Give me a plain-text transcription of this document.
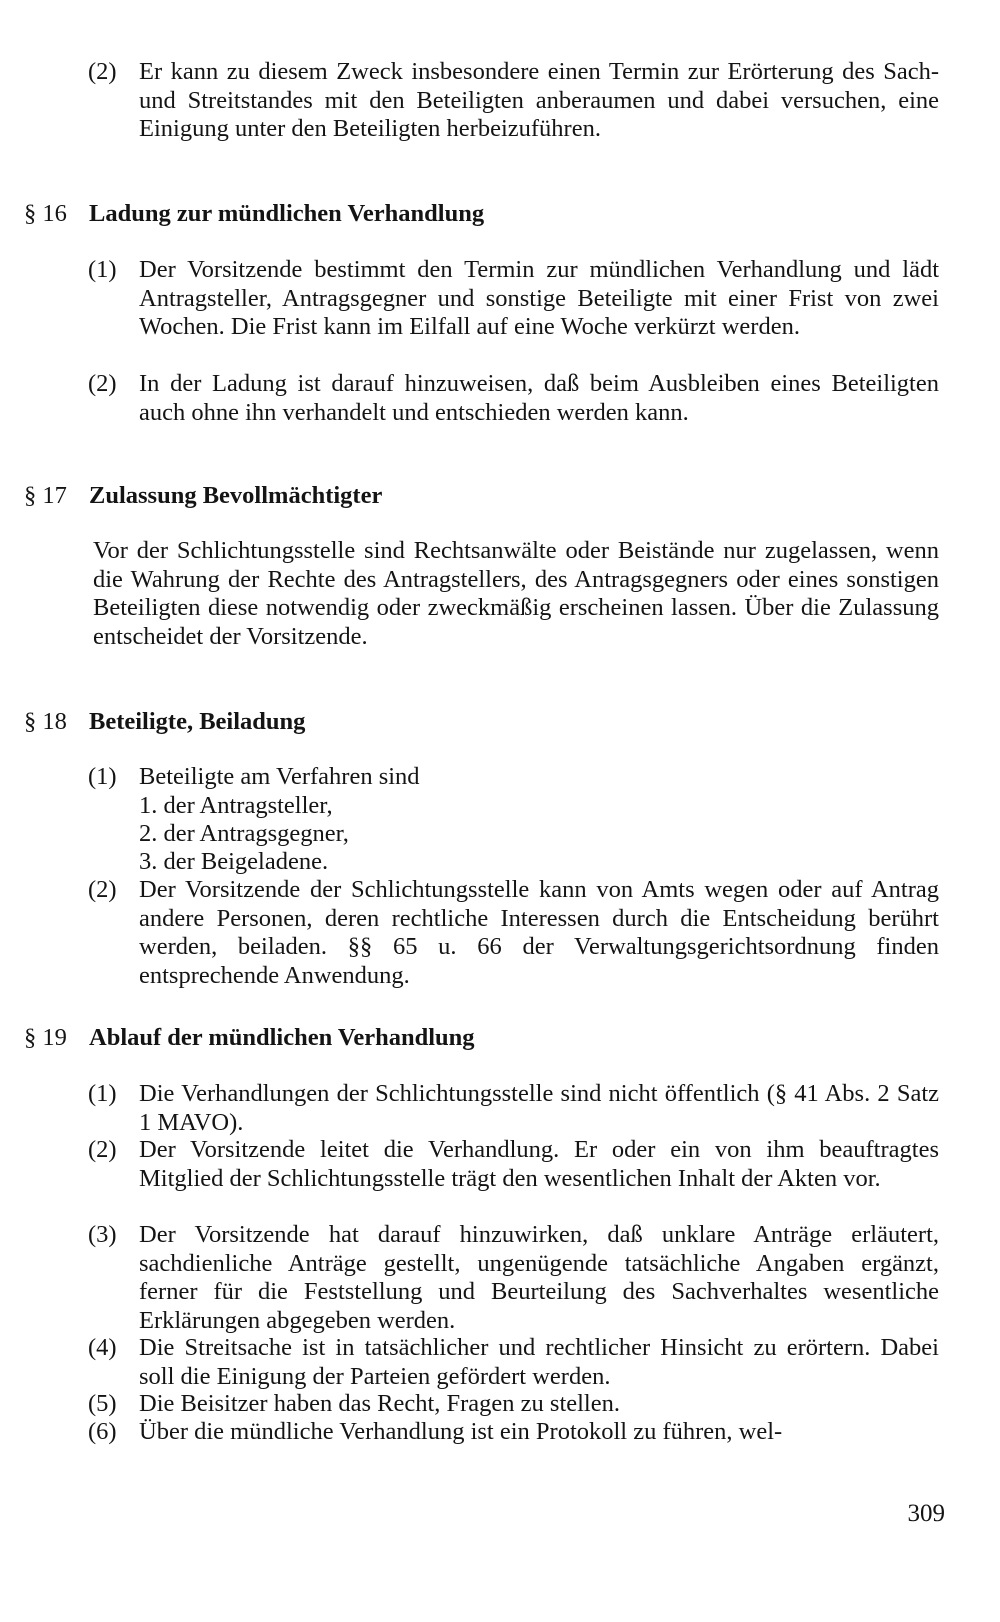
(2) Er kann zu diesem Zweck insbesondere einen Termin zur Erörterung des Sach- und Streitstandes mit den Beteiligten anberaumen und dabei versuchen, eine Einigung unter den Beteiligten herbeizuführen.
§ 16 Ladung zur mündlichen Verhandlung
(1) Der Vorsitzende bestimmt den Termin zur mündlichen Verhandlung und lädt Antragsteller, Antragsgegner und sonstige Beteiligte mit einer Frist von zwei Wochen. Die Frist kann im Eilfall auf eine Woche verkürzt werden.
(2) In der Ladung ist darauf hinzuweisen, daß beim Ausbleiben eines Beteiligten auch ohne ihn verhandelt und entschieden werden kann.
§ 17 Zulassung Bevollmächtigter

Vor der Schlichtungsstelle sind Rechtsanwälte oder Beistände nur zugelassen, wenn die Wahrung der Rechte des Antragstellers, des Antragsgegners oder eines sonstigen Beteiligten diese notwendig oder zweckmäßig erscheinen lassen. Über die Zulassung entscheidet der Vorsitzende.

§ 18 Beteiligte, Beiladung
(1) Beteiligte am Verfahren sind

1. der Antragsteller,

2. der Antragsgegner,

3. der Beigeladene.

(2) Der Vorsitzende der Schlichtungsstelle kann von Amts wegen oder auf Antrag andere Personen, deren rechtliche Interessen durch die Entscheidung berührt werden, beiladen. §§ 65 u. 66 der Verwaltungsgerichtsordnung finden entsprechende Anwendung.
§ 19 Ablauf der mündlichen Verhandlung
(1) Die Verhandlungen der Schlichtungsstelle sind nicht öffentlich (§ 41 Abs. 2 Satz 1 MAVO).
(2) Der Vorsitzende leitet die Verhandlung. Er oder ein von ihm beauftragtes Mitglied der Schlichtungsstelle trägt den wesentlichen Inhalt der Akten vor.
(3) Der Vorsitzende hat darauf hinzuwirken, daß unklare Anträge erläutert, sachdienliche Anträge gestellt, ungenügende tatsächliche Angaben ergänzt, ferner für die Feststellung und Beurteilung des Sachverhaltes wesentliche Erklärungen abgegeben werden.
(4) Die Streitsache ist in tatsächlicher und rechtlicher Hinsicht zu erörtern. Dabei soll die Einigung der Parteien gefördert werden.
(5) Die Beisitzer haben das Recht, Fragen zu stellen.
(6) Über die mündliche Verhandlung ist ein Protokoll zu führen, wel-

309
